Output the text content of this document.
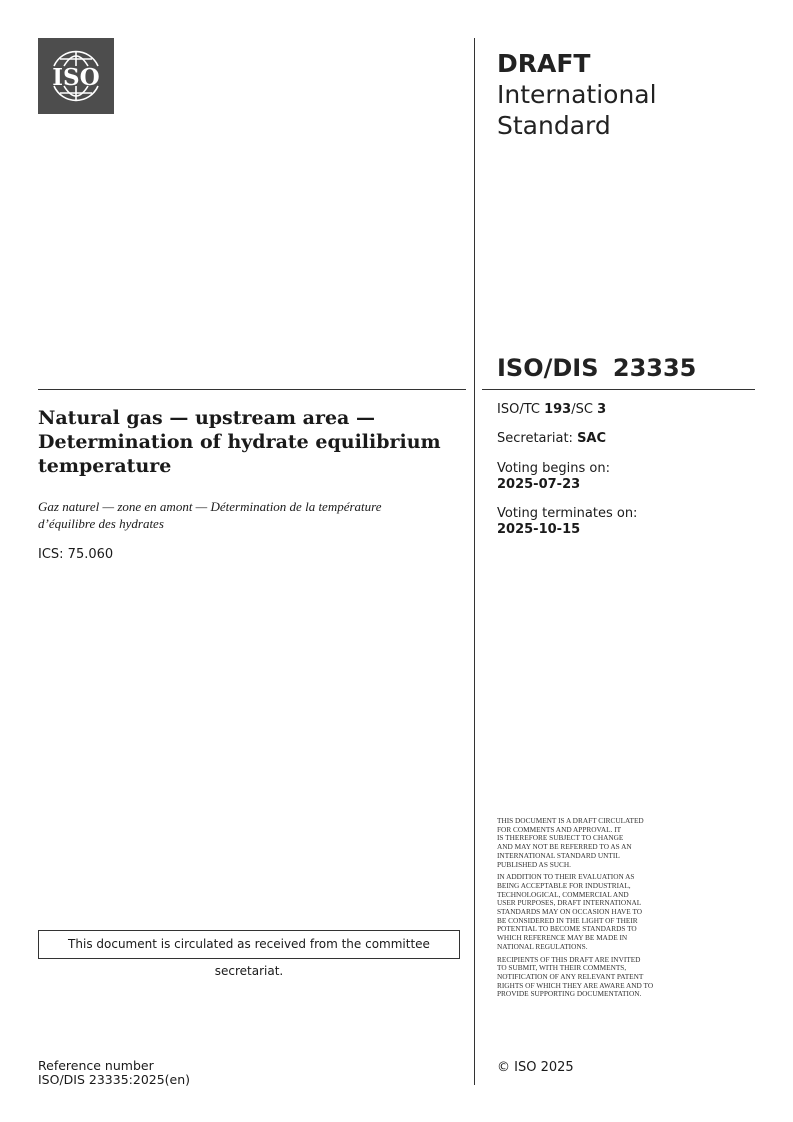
ISO	DRAFT
International
Standard
ISO/DIS 23335
Natural gas — upstream area — Determination of hydrate equilibrium temperature
Gaz naturel — zone en amont — Détermination de la température d’équilibre des hydrates
ICS: 75.060
ISO/TC 193/SC 3
Secretariat: SAC
Voting begins on:
2025-07-23
Voting terminates on:
2025-10-15
This document is circulated as received from the committee secretariat.

THIS DOCUMENT IS A DRAFT CIRCULATED
FOR COMMENTS AND APPROVAL. IT
IS THEREFORE SUBJECT TO CHANGE
AND MAY NOT BE REFERRED TO AS AN
INTERNATIONAL STANDARD UNTIL
PUBLISHED AS SUCH.

IN ADDITION TO THEIR EVALUATION AS
BEING ACCEPTABLE FOR INDUSTRIAL,
TECHNOLOGICAL, COMMERCIAL AND
USER PURPOSES, DRAFT INTERNATIONAL
STANDARDS MAY ON OCCASION HAVE TO
BE CONSIDERED IN THE LIGHT OF THEIR
POTENTIAL TO BECOME STANDARDS TO
WHICH REFERENCE MAY BE MADE IN
NATIONAL REGULATIONS.

RECIPIENTS OF THIS DRAFT ARE INVITED
TO SUBMIT, WITH THEIR COMMENTS,
NOTIFICATION OF ANY RELEVANT PATENT
RIGHTS OF WHICH THEY ARE AWARE AND TO
PROVIDE SUPPORTING DOCUMENTATION.

© ISO 2025
Reference number
ISO/DIS 23335:2025(en)
